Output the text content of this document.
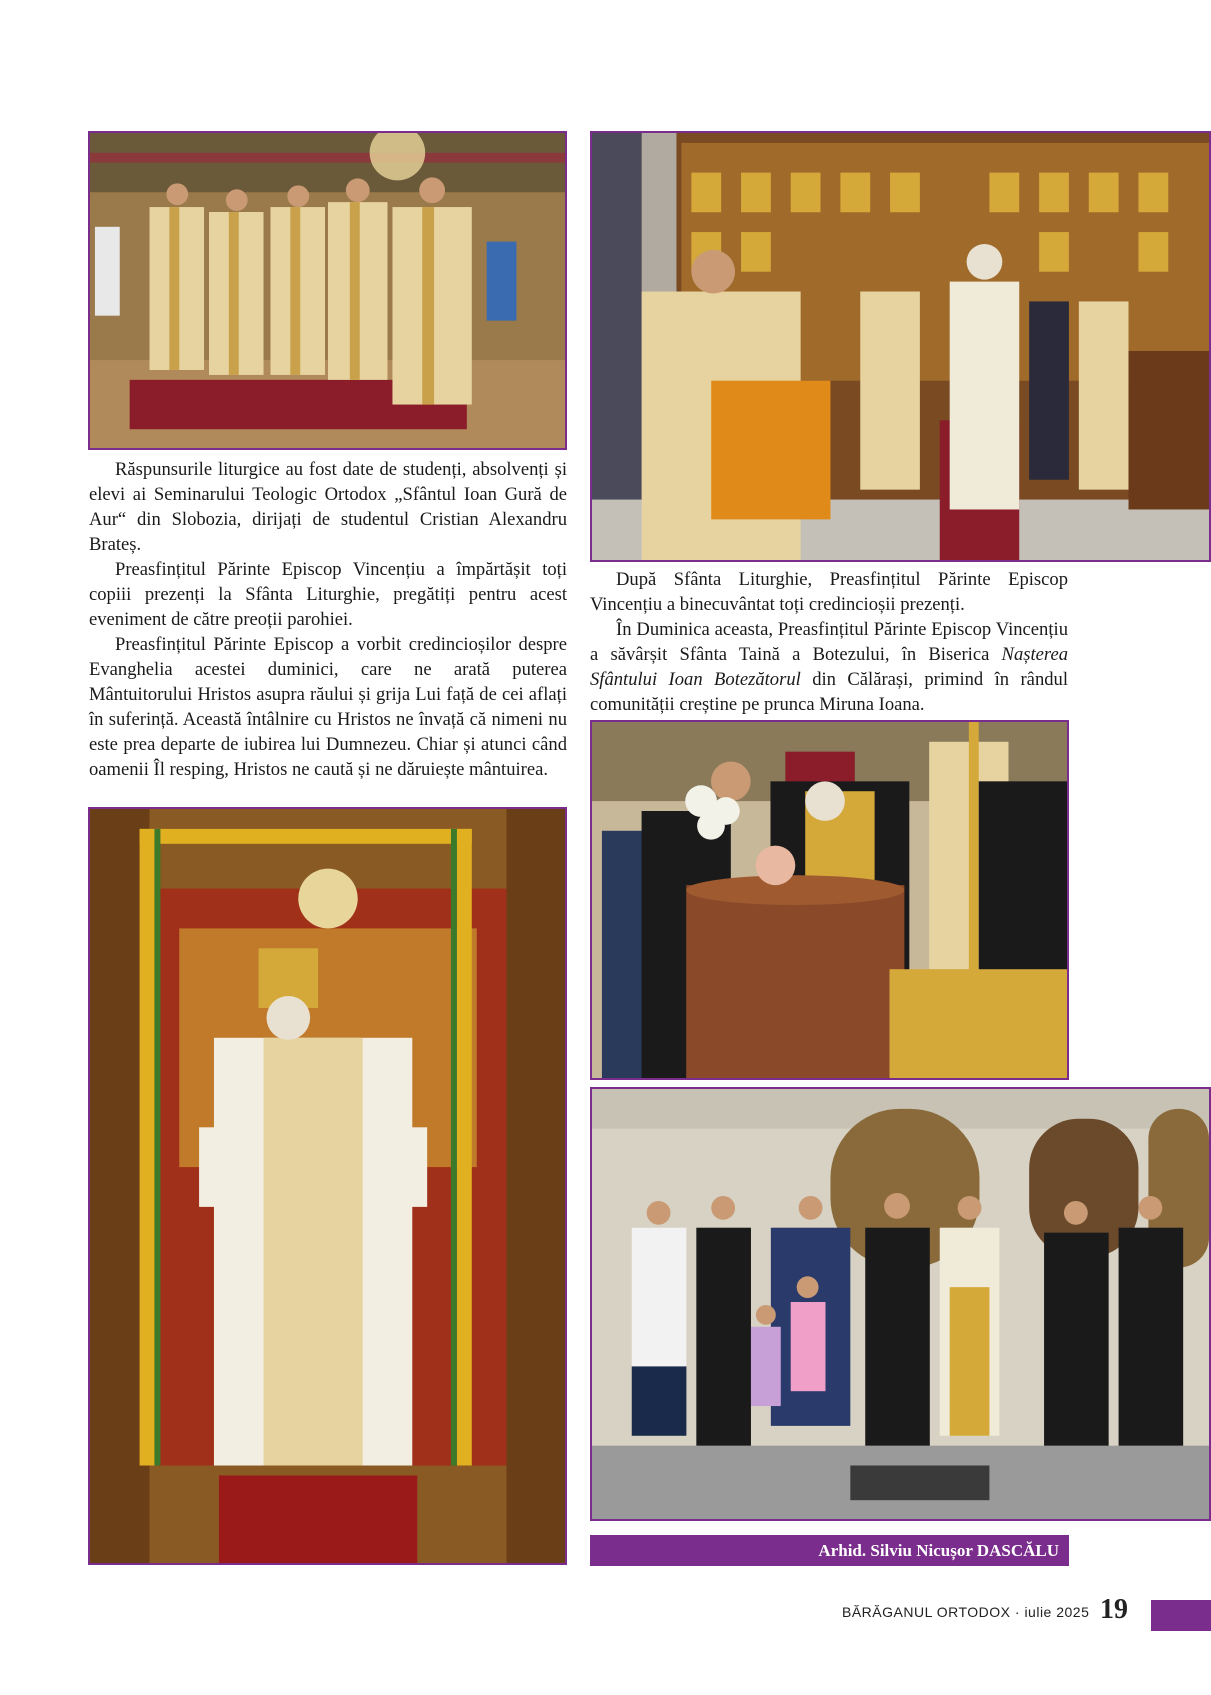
Răspunsurile liturgice au fost date de studenți, absolvenți și elevi ai Seminarului Teologic Ortodox „Sfântul Ioan Gură de Aur“ din Slobozia, dirijați de studentul Cristian Alexandru Brateș.

Preasfințitul Părinte Episcop Vincențiu a împărtășit toți copiii prezenți la Sfânta Liturghie, pregătiți pentru acest eveniment de către preoții parohiei.

Preasfințitul Părinte Episcop a vorbit credincioșilor despre Evanghelia acestei duminici, care ne arată puterea Mântuitorului Hristos asupra răului și grija Lui față de cei aflați în suferință. Această întâlnire cu Hristos ne învață că nimeni nu este prea departe de iubirea lui Dumnezeu. Chiar și atunci când oamenii Îl resping, Hristos ne caută și ne dăruiește mântuirea.

După Sfânta Liturghie, Preasfințitul Părinte Episcop Vincențiu a binecuvântat toți credincioșii prezenți.

În Duminica aceasta, Preasfințitul Părinte Episcop Vincențiu a săvârșit Sfânta Taină a Botezului, în Biserica Nașterea Sfântului Ioan Botezătorul din Călărași, primind în rândul comunității creștine pe prunca Miruna Ioana.

Arhid. Silviu Nicușor DASCĂLU
BĂRĂGANUL ORTODOX · iulie 2025 19
